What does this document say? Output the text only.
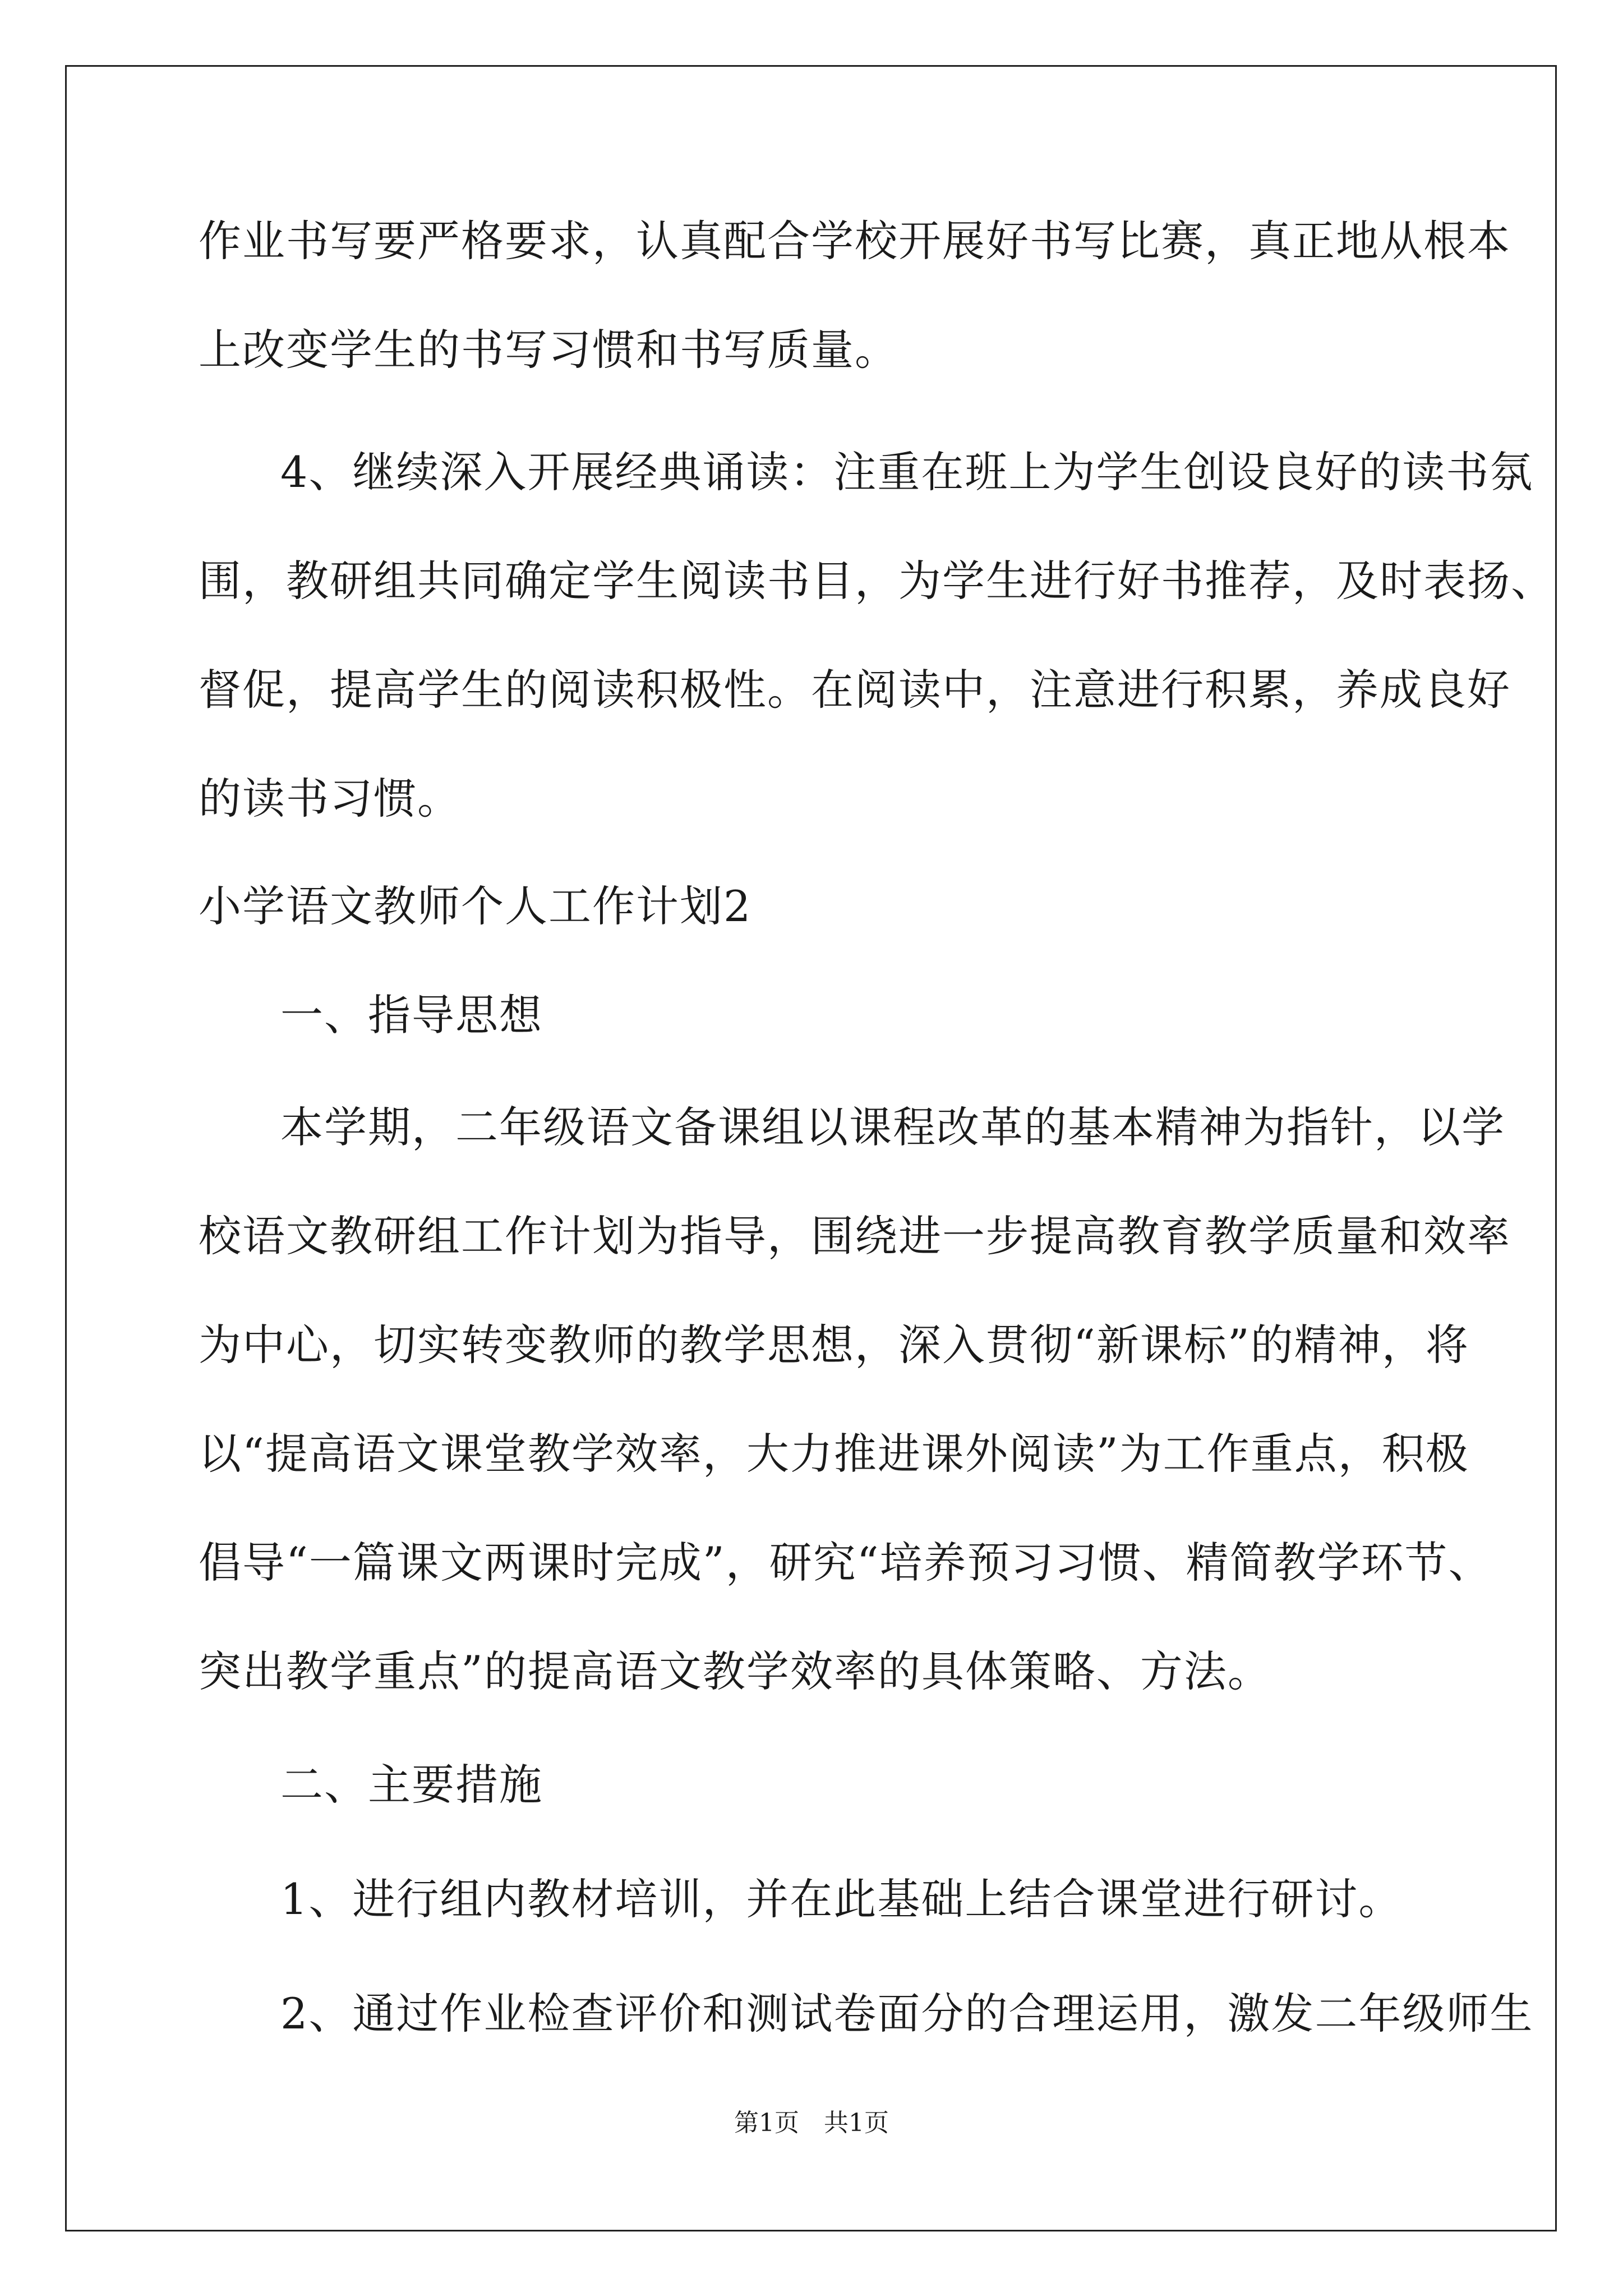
作业书写要严格要求，认真配合学校开展好书写比赛，真正地从根本
上改变学生的书写习惯和书写质量。
4、继续深入开展经典诵读：注重在班上为学生创设良好的读书氛
围，教研组共同确定学生阅读书目，为学生进行好书推荐，及时表扬、
督促，提高学生的阅读积极性。在阅读中，注意进行积累，养成良好
的读书习惯。
小学语文教师个人工作计划2
一、指导思想
本学期，二年级语文备课组以课程改革的基本精神为指针，以学
校语文教研组工作计划为指导，围绕进一步提高教育教学质量和效率
为中心，切实转变教师的教学思想，深入贯彻“新课标”的精神，将
以“提高语文课堂教学效率，大力推进课外阅读”为工作重点，积极
倡导“一篇课文两课时完成”，研究“培养预习习惯、精简教学环节、
突出教学重点”的提高语文教学效率的具体策略、方法。
二、主要措施
1、进行组内教材培训，并在此基础上结合课堂进行研讨。
2、通过作业检查评价和测试卷面分的合理运用，激发二年级师生
第1页　共1页
